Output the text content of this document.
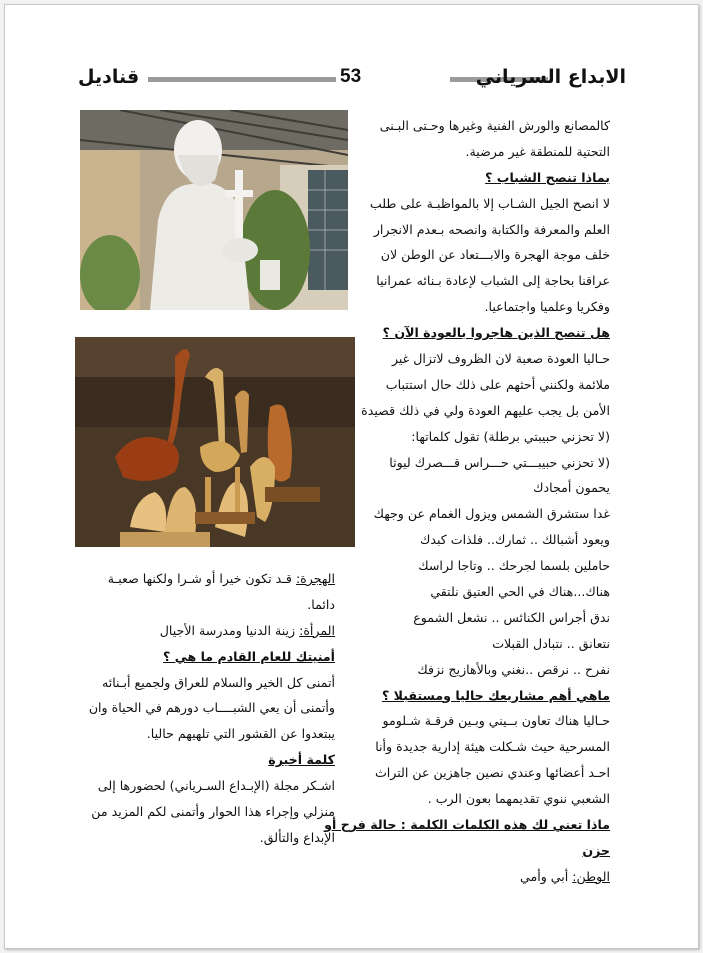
قناديل	53	الابداع السرياني

كالمصانع والورش الفنية وغيرها وحـتى البـنى

التحتية للمنطقة غير مرضية.

بماذا تنصح الشباب ؟

لا انصح الجيل الشـاب إلا بالمواظبـة على طلب

العلم والمعرفة والكتابة وانصحه بـعدم الانجرار

خلف موجة الهجرة والابـــتعاد عن الوطن لان

عراقنا بحاجة إلى الشباب لإعادة بـنائه عمرانيا

وفكريا وعلميا واجتماعيا.

هل تنصح الذين هاجروا بالعودة الآن ؟

حـاليا العودة صعبة لان الظروف لاتزال غير

ملائمة ولكنني أحثهم على ذلك حال استتباب

الأمن بل يجب عليهم العودة ولي في ذلك قصيدة

(لا تحزني حبيبتي برطلة) تقول كلماتها:

(لا تحزني حبيبـــتي حـــراس قـــصرك ليوثا

يحمون أمجادك

غدا ستشرق الشمس ويزول الغمام عن وجهك

ويعود أشبالك .. ثمارك.. فلذات كبدك

حاملين بلسما لجرحك .. وتاجا لراسك

هناك...هناك في الحي العتيق نلتقي

ندق أجراس الكنائس .. نشعل الشموع

نتعانق .. نتبادل القبلات

نفرح .. نرقص ..نغني وبالأهازيج نزفك

ماهي أهم مشاريعك حاليا ومستقبلا ؟

حـاليا هناك تعاون بــيني وبـين فرقـة شـلومو

المسرحية حيث شـكلت هيئة إدارية جديدة وأنا

احـد أعضائها وعندي نصين جاهزين عن التراث

الشعبي ننوي تقديمهما بعون الرب .

ماذا تعني لك هذه الكلمات الكلمة : حالة فرح أو

حزن

الوطن: أبي وأمي

الهجرة: قـد تكون خيرا أو شـرا ولكنها صعبـة

دائما.

المرأة: زينة الدنيا ومدرسة الأجيال

أمنيتك للعام القادم ما هي ؟

أتمنى كل الخير والسلام للعراق ولجميع أبـنائه

وأتمنى أن يعي الشبــــاب دورهم في الحياة وان

يبتعدوا عن القشور التي تلهيهم حاليا.

كلمة أخيرة

اشـكر مجلة (الإبـداع السـرياني) لحضورها إلى

منزلي وإجراء هذا الحوار وأتمنى لكم المزيد من

الإبداع والتألق.
